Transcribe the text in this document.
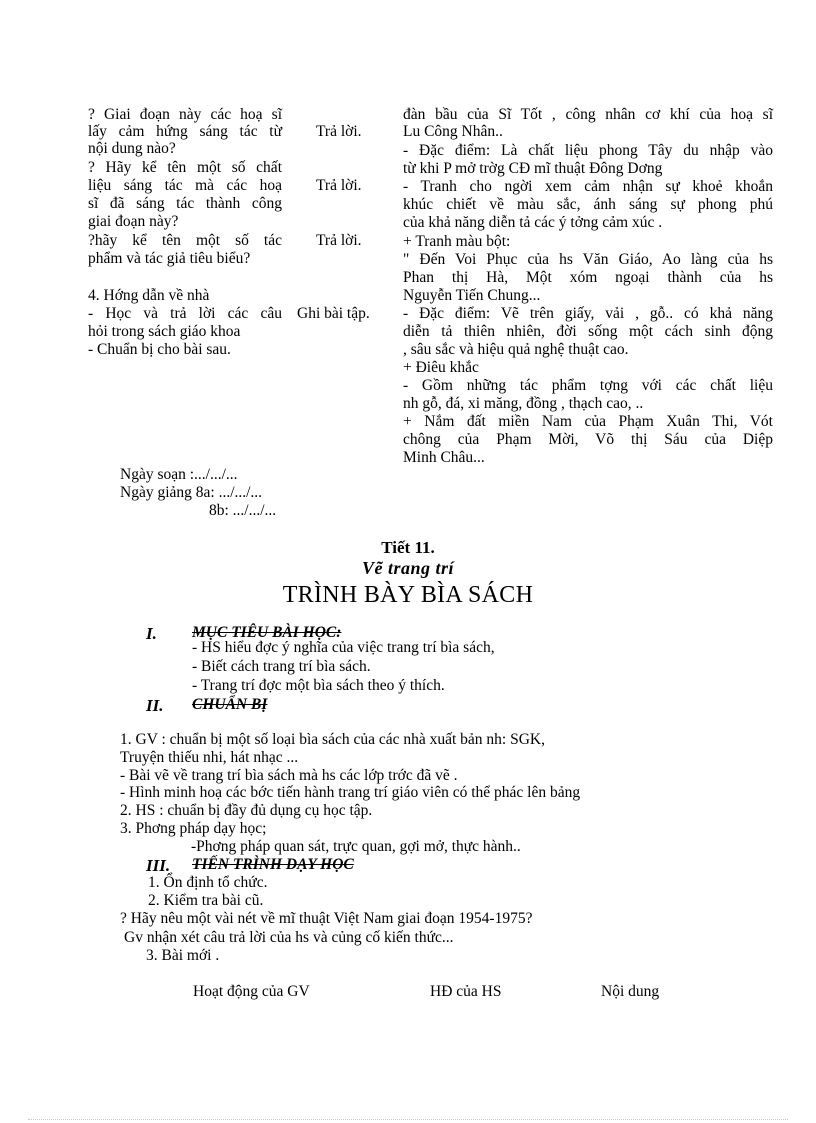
? Giai đoạn này các hoạ sĩ
lấy cảm hứng sáng tác từ
nội dung nào?
? Hãy kể tên một số chất
liệu sáng tác mà các hoạ
sĩ đã sáng tác thành công
giai đoạn này?
?hãy kể tên một số tác
phẩm và tác giả tiêu biểu?
4. Hớng dẫn về nhà
- Học và trả lời các câu
hỏi trong sách giáo khoa
- Chuẩn bị cho bài sau.
Trả lời.
Trả lời.
Trả lời.
Ghi bài tập.
đàn bầu của Sĩ Tốt , công nhân cơ khí của hoạ sĩ
Lu Công Nhân..
- Đặc điểm: Là chất liệu phong Tây du nhập vào
từ khi P mở trờg CĐ mĩ thuật Đông Dơng
- Tranh cho ngời xem cảm nhận sự khoẻ khoắn
khúc chiết về màu sắc, ánh sáng sự phong phú
của khả năng diễn tả các ý tởng cảm xúc .
+ Tranh màu bột:
" Đến Voi Phục của hs Văn Giáo, Ao làng của hs
Phan thị Hà, Một xóm ngoại thành của hs
Nguyễn Tiến Chung...
- Đặc điểm: Vẽ trên giấy, vải , gỗ.. có khả năng
diễn tả thiên nhiên, đời sống một cách sinh động
, sâu sắc và hiệu quả nghệ thuật cao.
+ Điêu khắc
- Gồm những tác phẩm tợng với các chất liệu
nh gỗ, đá, xi măng, đồng , thạch cao, ..
+ Nắm đất miền Nam của Phạm Xuân Thi, Vót
chông của Phạm Mời, Võ thị Sáu của Diệp
Minh Châu...
Ngày soạn :.../.../...
Ngày giảng 8a: .../.../...
8b: .../.../...
Tiết 11.
Vẽ trang trí
TRÌNH BÀY BÌA SÁCH
I. MỤC TIÊU BÀI HỌC:
- HS hiểu đợc ý nghĩa của việc trang trí bìa sách,
- Biết cách trang trí bìa sách.
- Trang trí đợc một bìa sách theo ý thích.
II. CHUẨN BỊ
1. GV : chuẩn bị một số loại bìa sách của các nhà xuất bản nh: SGK,
Truyện thiếu nhi, hát nhạc ...
- Bài vẽ về trang trí bìa sách mà hs các lớp trớc đã vẽ .
- Hình minh hoạ các bớc tiến hành trang trí giáo viên có thể phác lên bảng
2. HS : chuẩn bị đầy đủ dụng cụ học tập.
3. Phơng pháp dạy học;
-Phơng pháp quan sát, trực quan, gợi mở, thực hành..
III. TIẾN TRÌNH DẠY HỌC
1. Ổn định tổ chức.
2. Kiểm tra bài cũ.
? Hãy nêu một vài nét về mĩ thuật Việt Nam giai đoạn 1954-1975?
Gv nhận xét câu trả lời của hs và củng cố kiến thức...
3. Bài mới .
Hoạt động của GV	HĐ của HS	Nội dung
